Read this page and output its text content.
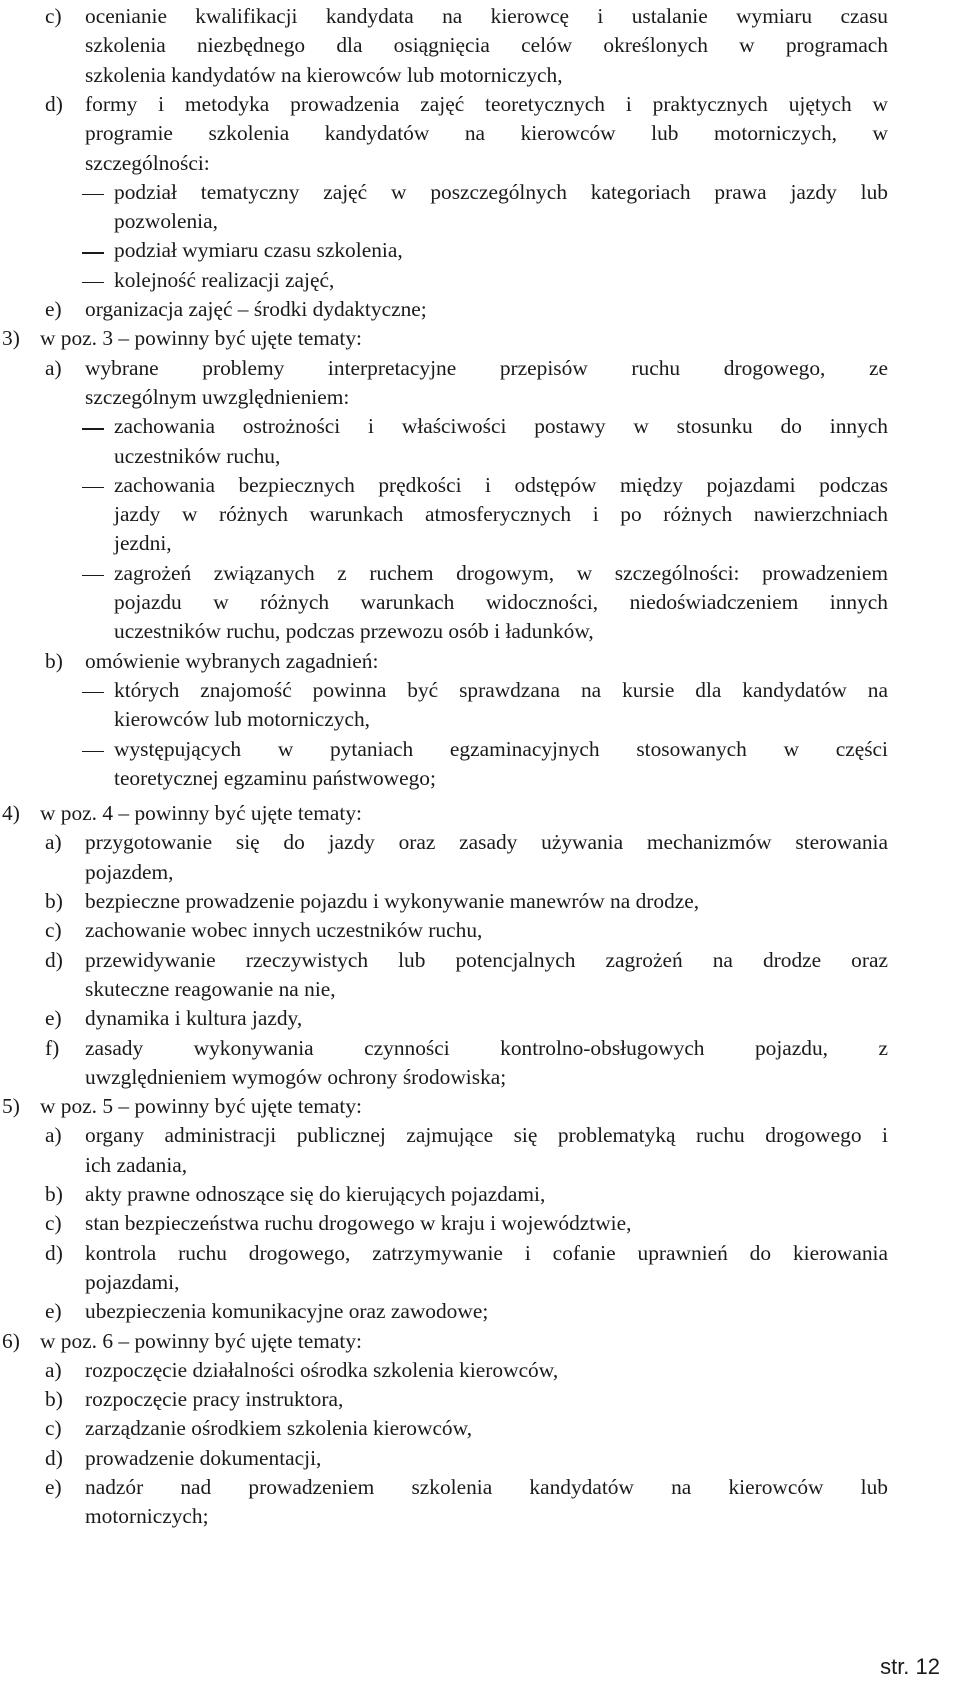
c) ocenianie kwalifikacji kandydata na kierowcę i ustalanie wymiaru czasu
szkolenia niezbędnego dla osiągnięcia celów określonych w programach
szkolenia kandydatów na kierowców lub motorniczych,
d) formy i metodyka prowadzenia zajęć teoretycznych i praktycznych ujętych w
programie szkolenia kandydatów na kierowców lub motorniczych, w
szczególności:
podział tematyczny zajęć w poszczególnych kategoriach prawa jazdy lub
pozwolenia,
podział wymiaru czasu szkolenia,
kolejność realizacji zajęć,
e) organizacja zajęć – środki dydaktyczne;
3) w poz. 3 – powinny być ujęte tematy:
a) wybrane problemy interpretacyjne przepisów ruchu drogowego, ze
szczególnym uwzględnieniem:
zachowania ostrożności i właściwości postawy w stosunku do innych
uczestników ruchu,
zachowania bezpiecznych prędkości i odstępów między pojazdami podczas
jazdy w różnych warunkach atmosferycznych i po różnych nawierzchniach
jezdni,
zagrożeń związanych z ruchem drogowym, w szczególności: prowadzeniem
pojazdu w różnych warunkach widoczności, niedoświadczeniem innych
uczestników ruchu, podczas przewozu osób i ładunków,
b) omówienie wybranych zagadnień:
których znajomość powinna być sprawdzana na kursie dla kandydatów na
kierowców lub motorniczych,
występujących w pytaniach egzaminacyjnych stosowanych w części
teoretycznej egzaminu państwowego;
4) w poz. 4 – powinny być ujęte tematy:
a) przygotowanie się do jazdy oraz zasady używania mechanizmów sterowania
pojazdem,
b) bezpieczne prowadzenie pojazdu i wykonywanie manewrów na drodze,
c) zachowanie wobec innych uczestników ruchu,
d) przewidywanie rzeczywistych lub potencjalnych zagrożeń na drodze oraz
skuteczne reagowanie na nie,
e) dynamika i kultura jazdy,
f) zasady wykonywania czynności kontrolno-obsługowych pojazdu, z
uwzględnieniem wymogów ochrony środowiska;
5) w poz. 5 – powinny być ujęte tematy:
a) organy administracji publicznej zajmujące się problematyką ruchu drogowego i
ich zadania,
b) akty prawne odnoszące się do kierujących pojazdami,
c) stan bezpieczeństwa ruchu drogowego w kraju i województwie,
d) kontrola ruchu drogowego, zatrzymywanie i cofanie uprawnień do kierowania
pojazdami,
e) ubezpieczenia komunikacyjne oraz zawodowe;
6) w poz. 6 – powinny być ujęte tematy:
a) rozpoczęcie działalności ośrodka szkolenia kierowców,
b) rozpoczęcie pracy instruktora,
c) zarządzanie ośrodkiem szkolenia kierowców,
d) prowadzenie dokumentacji,
e) nadzór nad prowadzeniem szkolenia kandydatów na kierowców lub
motorniczych;
str. 12
